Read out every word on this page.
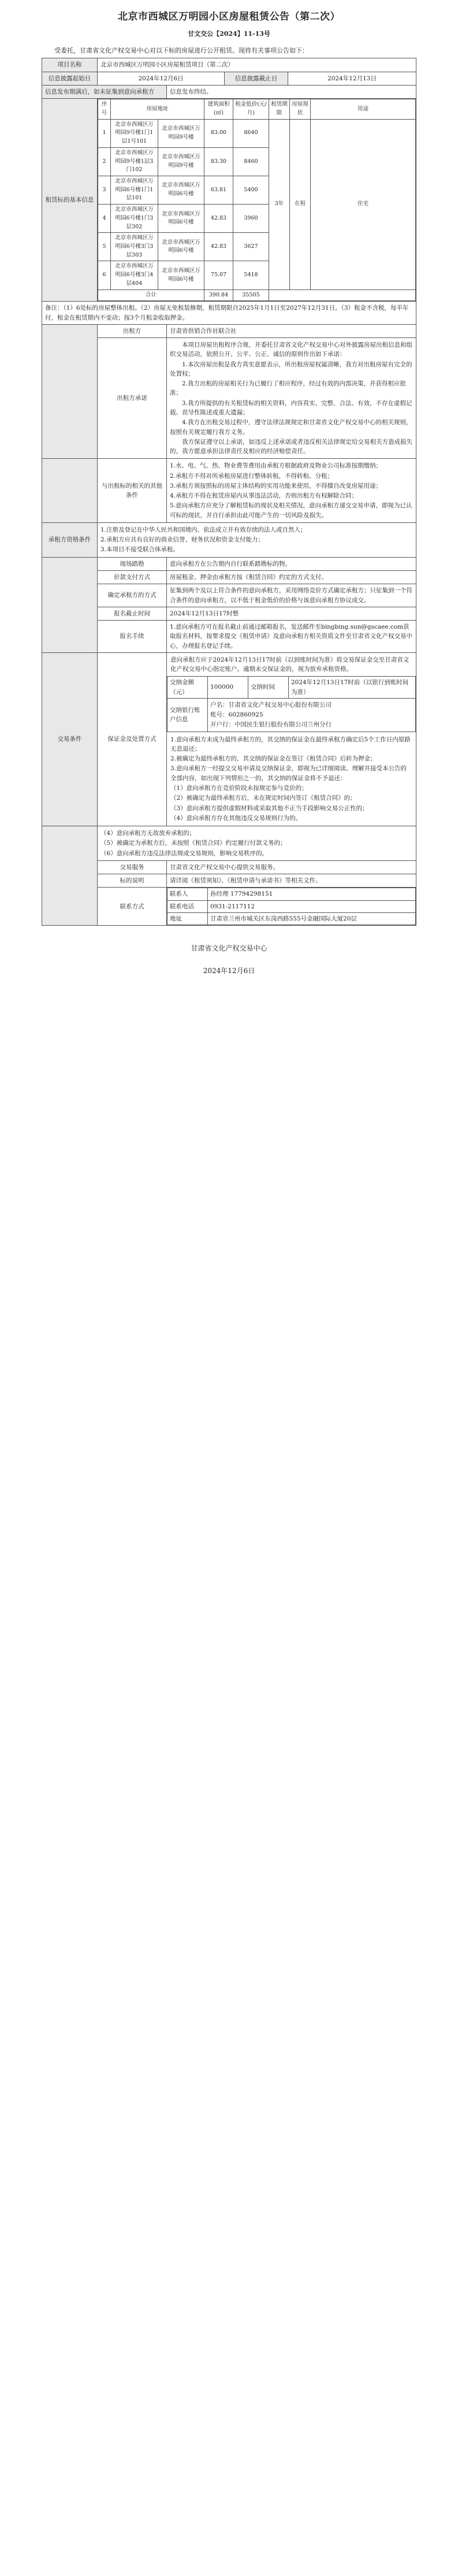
北京市西城区万明园小区房屋租赁公告（第二次）
甘文交公【2024】11-13号
受委托，甘肃省文化产权交易中心对以下标的房屋进行公开租赁。现将有关事项公告如下：
项目名称	北京市西城区万明园小区房屋租赁项目（第二次）
信息披露起始日	2024年12月6日	信息披露截止日	2024年12月13日
信息发布期满后，如未征集到意向承租方	信息发布终结。
租赁标的基本信息	
序号	房屋地址	建筑面积(㎡)	租金低价(元/月)	租赁期限	房屋现状	用途
1	北京市西城区万明园9号楼1门1层1号101	北京市西城区万明园9号楼	83.00	8640	3年	在租	住宅
2	北京市西城区万明园9号楼1层3门102	北京市西城区万明园9号楼	83.30	8460
3	北京市西城区万明园6号楼1门1层101	北京市西城区万明园6号楼	63.81	5400
4	北京市西城区万明园6号楼1门3层302	北京市西城区万明园6号楼	42.83	3960
5	北京市西城区万明园6号楼3门3层303	北京市西城区万明园6号楼	42.83	3627
6	北京市西城区万明园6号楼3门4层404	北京市西城区万明园6号楼	75.07	5418
合计	390.84	35505	

备注：（1）6处标的房屋整体出租。（2）房屋无免租装修期，租赁期限自2025年1月1日至2027年12月31日。（3）租金不含税，每半年付，租金在租赁期内不变动；按3个月租金收取押金。
	出租方	甘肃省供销合作社联合社
出租方承诺	

本项目房屋出租程序合规，并委托甘肃省文化产权交易中心对外披露房屋出租信息和组织交易活动，依照公开、公平、公正、诚信的原则作出如下承诺：

1.本次房屋出租是我方真实意愿表示，所出租房屋权属清晰，我方对出租房屋有完全的处置权；

2.我方出租的房屋相关行为已履行了相应程序，经过有效的内部决策，并获得相应批准；

3.我方所提供的有关租赁标的相关资料，内容真实、完整、合法、有效，不存在虚假记载、误导性陈述或重大遗漏；

4.我方在出租交易过程中，遵守法律法规规定和甘肃省文化产权交易中心的相关规则，按照有关规定履行我方义务。

我方保证遵守以上承诺，如违反上述承诺或者违反相关法律规定给交易相关方造成损失的，我方愿意承担法律责任及相应的经济赔偿责任。

	与出租标的相关的其他条件	

1.水、电、气、热、物业费等费用由承租方根据政府及物业公司标准按期缴纳；

2.承租方不得对所承租房屋进行整体转租，不得转租、分租；

3.承租方须按照标的房屋主体结构的实用功能来使用，不得擅自改变房屋用途；

4.承租方不得在租赁房屋内从事违法活动，否则出租方有权解除合同；

5.意向承租方应充分了解租赁标的现状及相关情况，意向承租方递交交易申请，即视为已认可标的现状，并自行承担由此可能产生的一切风险及损失。

承租方资格条件	

1.注册及登记在中华人民共和国境内、依法成立并有效存续的法人或自然人；

2.承租方应具有良好的商业信誉、财务状况和资金支付能力；

3.本项目不接受联合体承租。

	现场踏勘	意向承租方在公告期内自行联系踏勘标的物。
价款支付方式	房屋租金、押金由承租方按《租赁合同》约定的方式支付。
确定承租方的方式	征集到两个及以上符合条件的意向承租方，采用网络竞价方式确定承租方；只征集到一个符合条件的意向承租方，以不低于租金低价的价格与该意向承租方协议成交。
报名截止时间	2024年12月13日17时整
报名手续	1.意向承租方可在报名截止前通过邮箱报名，发送邮件至bingbing.sun@gscaee.com获取报名材料，按要求提交《租赁申请》及意向承租方相关资质文件至甘肃省文化产权交易中心，办理报名登记手续。
交易条件	保证金及处置方式	
意向承租方应于2024年12月13日17时前（以到账时间为准）将交易保证金交至甘肃省文化产权交易中心指定账户。逾期未交保证金的，视为放弃承租资格。
交纳金额（元）	100000	交纳时间	2024年12月13日17时前（以银行到账时间为准）
交纳银行账户信息	

户名：甘肃省文化产权交易中心股份有限公司

账号：602860925

开户行：中国民生银行股份有限公司兰州分行

1.意向承租方未成为最终承租方的，其交纳的保证金在最终承租方确定后5个工作日内原路无息退还；

2.被确定为最终承租方的，其交纳的保证金在签订《租赁合同》后转为押金；

3.意向承租方一经提交交易申请及交纳保证金，即视为已详细阅读、理解并接受本公告的全部内容，如出现下列情形之一的，其交纳的保证金将不予退还：

（1）意向承租方在竞价阶段未按规定参与竞价的；

（2）被确定为最终承租方后，未在规定时间内签订《租赁合同》的；

（3）意向承租方提供虚假材料或采取其他不正当手段影响交易公正性的；

（4）意向承租方存在其他违反交易规则行为的。

（4）意向承租方无故放弃承租的；

（5）被确定为承租方后，未按照《租赁合同》约定履行付款义务的；

（6）意向承租方违反法律法规或交易规则，影响交易秩序的。

交易服务	甘肃省文化产权交易中心提供交易服务。
标的说明	请详阅《租赁须知》、《租赁申请与承诺书》等相关文件。
联系方式	
联系人	孙经理 17794298151
联系电话	0931-2117112
地址	甘肃省兰州市城关区东岗西路555号金融国际大厦20层
甘肃省文化产权交易中心
2024年12月6日
